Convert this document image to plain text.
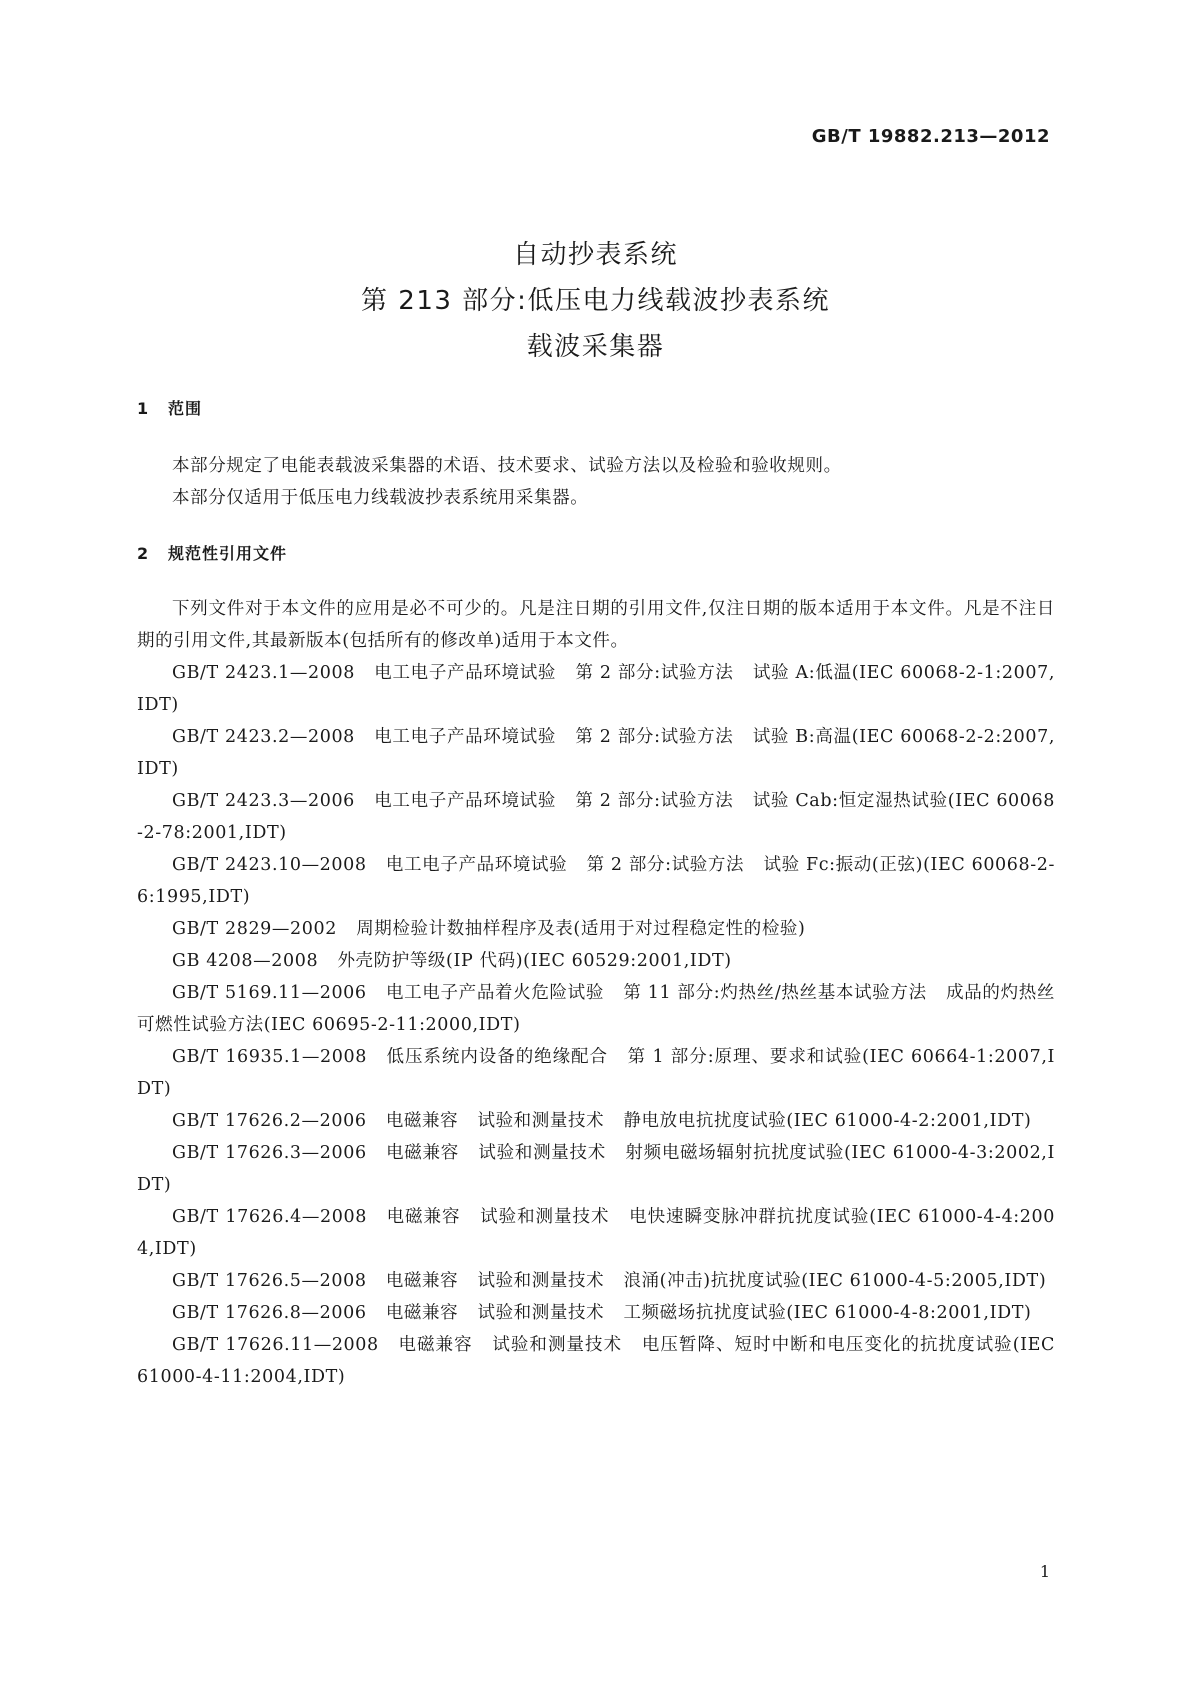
GB/T 19882.213—2012
自动抄表系统
第 213 部分:低压电力线载波抄表系统
载波采集器
1 范围

本部分规定了电能表载波采集器的术语、技术要求、试验方法以及检验和验收规则。

本部分仅适用于低压电力线载波抄表系统用采集器。

2 规范性引用文件

下列文件对于本文件的应用是必不可少的。凡是注日期的引用文件,仅注日期的版本适用于本文件。凡是不注日期的引用文件,其最新版本(包括所有的修改单)适用于本文件。

GB/T 2423.1—2008 电工电子产品环境试验 第 2 部分:试验方法 试验 A:低温(IEC 60068-2-1:2007,IDT)

GB/T 2423.2—2008 电工电子产品环境试验 第 2 部分:试验方法 试验 B:高温(IEC 60068-2-2:2007,IDT)

GB/T 2423.3—2006 电工电子产品环境试验 第 2 部分:试验方法 试验 Cab:恒定湿热试验(IEC 60068-2-78:2001,IDT)

GB/T 2423.10—2008 电工电子产品环境试验 第 2 部分:试验方法 试验 Fc:振动(正弦)(IEC 60068-2-6:1995,IDT)

GB/T 2829—2002 周期检验计数抽样程序及表(适用于对过程稳定性的检验)

GB 4208—2008 外壳防护等级(IP 代码)(IEC 60529:2001,IDT)

GB/T 5169.11—2006 电工电子产品着火危险试验 第 11 部分:灼热丝/热丝基本试验方法 成品的灼热丝可燃性试验方法(IEC 60695-2-11:2000,IDT)

GB/T 16935.1—2008 低压系统内设备的绝缘配合 第 1 部分:原理、要求和试验(IEC 60664-1:2007,IDT)

GB/T 17626.2—2006 电磁兼容 试验和测量技术 静电放电抗扰度试验(IEC 61000-4-2:2001,IDT)

GB/T 17626.3—2006 电磁兼容 试验和测量技术 射频电磁场辐射抗扰度试验(IEC 61000-4-3:2002,IDT)

GB/T 17626.4—2008 电磁兼容 试验和测量技术 电快速瞬变脉冲群抗扰度试验(IEC 61000-4-4:2004,IDT)

GB/T 17626.5—2008 电磁兼容 试验和测量技术 浪涌(冲击)抗扰度试验(IEC 61000-4-5:2005,IDT)

GB/T 17626.8—2006 电磁兼容 试验和测量技术 工频磁场抗扰度试验(IEC 61000-4-8:2001,IDT)

GB/T 17626.11—2008 电磁兼容 试验和测量技术 电压暂降、短时中断和电压变化的抗扰度试验(IEC 61000-4-11:2004,IDT)

1
